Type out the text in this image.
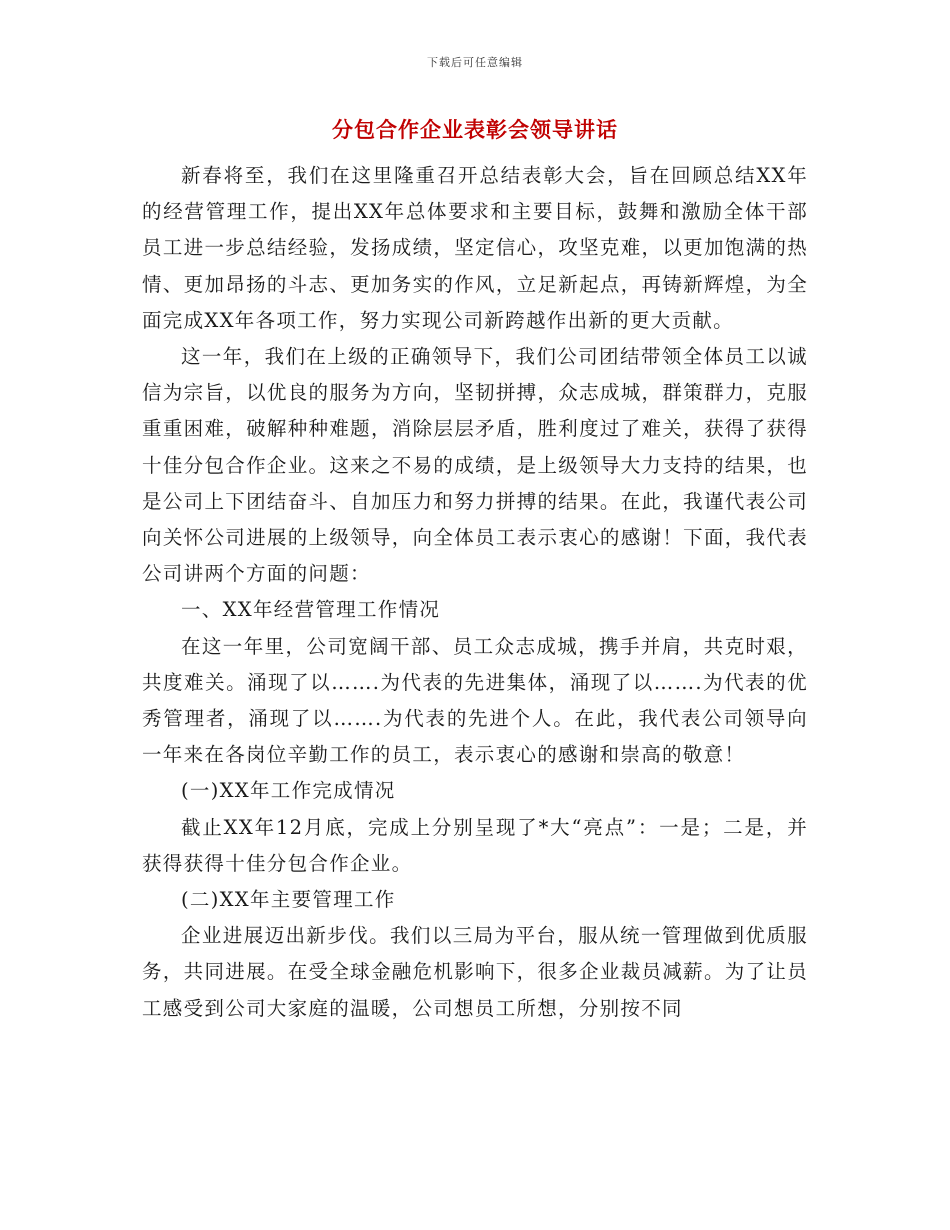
下载后可任意编辑
分包合作企业表彰会领导讲话

新春将至，我们在这里隆重召开总结表彰大会，旨在回顾总结XX年的经营管理工作，提出XX年总体要求和主要目标，鼓舞和激励全体干部员工进一步总结经验，发扬成绩，坚定信心，攻坚克难，以更加饱满的热情、更加昂扬的斗志、更加务实的作风，立足新起点，再铸新辉煌，为全面完成XX年各项工作，努力实现公司新跨越作出新的更大贡献。

这一年，我们在上级的正确领导下，我们公司团结带领全体员工以诚信为宗旨，以优良的服务为方向，坚韧拼搏，众志成城，群策群力，克服重重困难，破解种种难题，消除层层矛盾，胜利度过了难关，获得了获得十佳分包合作企业。这来之不易的成绩，是上级领导大力支持的结果，也是公司上下团结奋斗、自加压力和努力拼搏的结果。在此，我谨代表公司向关怀公司进展的上级领导，向全体员工表示衷心的感谢！下面，我代表公司讲两个方面的问题：

一、XX年经营管理工作情况

在这一年里，公司宽阔干部、员工众志成城，携手并肩，共克时艰，共度难关。涌现了以…….为代表的先进集体，涌现了以…….为代表的优秀管理者，涌现了以…….为代表的先进个人。在此，我代表公司领导向一年来在各岗位辛勤工作的员工，表示衷心的感谢和崇高的敬意！

(一)XX年工作完成情况

截止XX年12月底，完成上分别呈现了*大“亮点”：一是；二是，并获得获得十佳分包合作企业。

(二)XX年主要管理工作

企业进展迈出新步伐。我们以三局为平台，服从统一管理做到优质服务，共同进展。在受全球金融危机影响下，很多企业裁员减薪。为了让员工感受到公司大家庭的温暖，公司想员工所想，分别按不同
